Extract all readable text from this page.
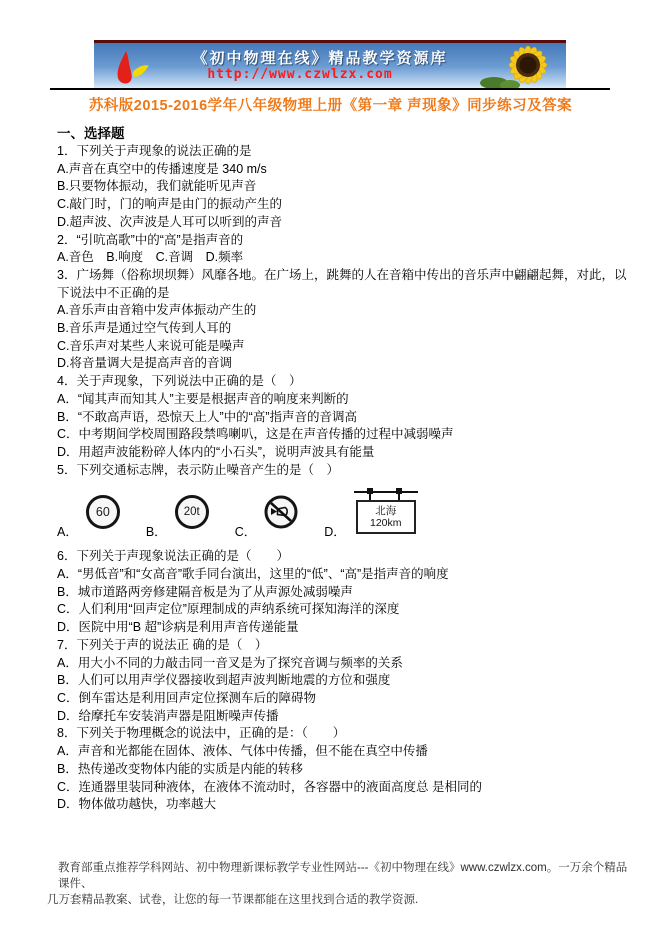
《初中物理在线》精品教学资源库
http://www.czwlzx.com
苏科版2015-2016学年八年级物理上册《第一章 声现象》同步练习及答案
一、选择题
1．下列关于声现象的说法正确的是
A.声音在真空中的传播速度是 340 m/s
B.只要物体振动，我们就能听见声音
C.敲门时，门的响声是由门的振动产生的
D.超声波、次声波是人耳可以听到的声音
2．“引吭高歌”中的“高”是指声音的
A.音色　B.响度　C.音调　D.频率
3．广场舞（俗称坝坝舞）风靡各地。在广场上，跳舞的人在音箱中传出的音乐声中翩翩起舞，对此，以下说法中不正确的是
A.音乐声由音箱中发声体振动产生的
B.音乐声是通过空气传到人耳的
C.音乐声对某些人来说可能是噪声
D.将音量调大是提高声音的音调
4．关于声现象，下列说法中正确的是（　）
A．“闻其声而知其人”主要是根据声音的响度来判断的
B．“不敢高声语，恐惊天上人”中的“高”指声音的音调高
C．中考期间学校周围路段禁鸣喇叭，这是在声音传播的过程中减弱噪声
D．用超声波能粉碎人体内的“小石头”，说明声波具有能量
5．下列交通标志牌，表示防止噪音产生的是（　）
A．
60
B．
20t
C．	D．
北海
120km
6．下列关于声现象说法正确的是（　　）
A．“男低音”和“女高音”歌手同台演出，这里的“低”、“高”是指声音的响度
B．城市道路两旁修建隔音板是为了从声源处减弱噪声
C．人们利用“回声定位”原理制成的声纳系统可探知海洋的深度
D．医院中用“B 超”诊病是利用声音传递能量
7．下列关于声的说法正 确的是（　）
A．用大小不同的力敲击同一音叉是为了探究音调与频率的关系
B．人们可以用声学仪器接收到超声波判断地震的方位和强度
C．倒车雷达是利用回声定位探测车后的障碍物
D．给摩托车安装消声器是阻断噪声传播
8．下列关于物理概念的说法中，正确的是：（　　）
A．声音和光都能在固体、液体、气体中传播，但不能在真空中传播
B．热传递改变物体内能的实质是内能的转移
C．连通器里装同种液体，在液体不流动时，各容器中的液面高度总 是相同的
D．物体做功越快，功率越大
教育部重点推荐学科网站、初中物理新课标教学专业性网站---《初中物理在线》www.czwlzx.com。一万余个精品课件、
几万套精品教案、试卷，让您的每一节课都能在这里找到合适的教学资源.
